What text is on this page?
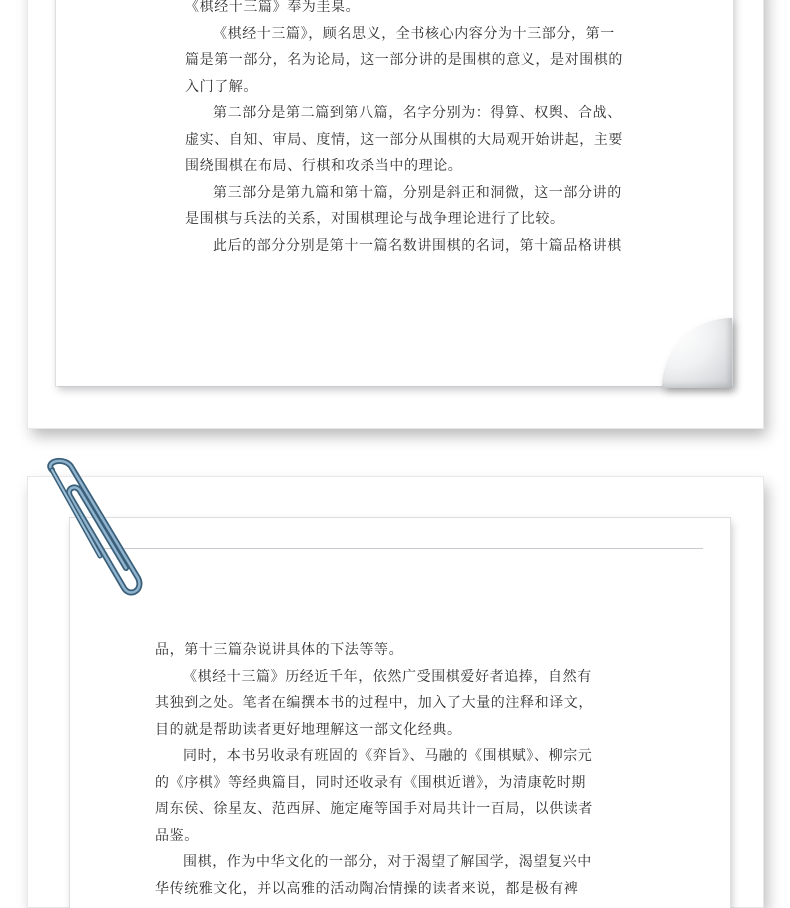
《棋经十三篇》奉为圭臬。

《棋经十三篇》，顾名思义，全书核心内容分为十三部分，第一篇是第一部分，名为论局，这一部分讲的是围棋的意义，是对围棋的入门了解。

第二部分是第二篇到第八篇，名字分别为：得算、权舆、合战、虚实、自知、审局、度情，这一部分从围棋的大局观开始讲起，主要围绕围棋在布局、行棋和攻杀当中的理论。

第三部分是第九篇和第十篇，分别是斜正和洞微，这一部分讲的是围棋与兵法的关系，对围棋理论与战争理论进行了比较。

此后的部分分别是第十一篇名数讲围棋的名词，第十篇品格讲棋

品，第十三篇杂说讲具体的下法等等。

《棋经十三篇》历经近千年，依然广受围棋爱好者追捧，自然有其独到之处。笔者在编撰本书的过程中，加入了大量的注释和译文，目的就是帮助读者更好地理解这一部文化经典。

同时，本书另收录有班固的《弈旨》、马融的《围棋赋》、柳宗元的《序棋》等经典篇目，同时还收录有《围棋近谱》，为清康乾时期周东侯、徐星友、范西屏、施定庵等国手对局共计一百局，以供读者品鉴。

围棋，作为中华文化的一部分，对于渴望了解国学，渴望复兴中华传统雅文化，并以高雅的活动陶冶情操的读者来说，都是极有裨
